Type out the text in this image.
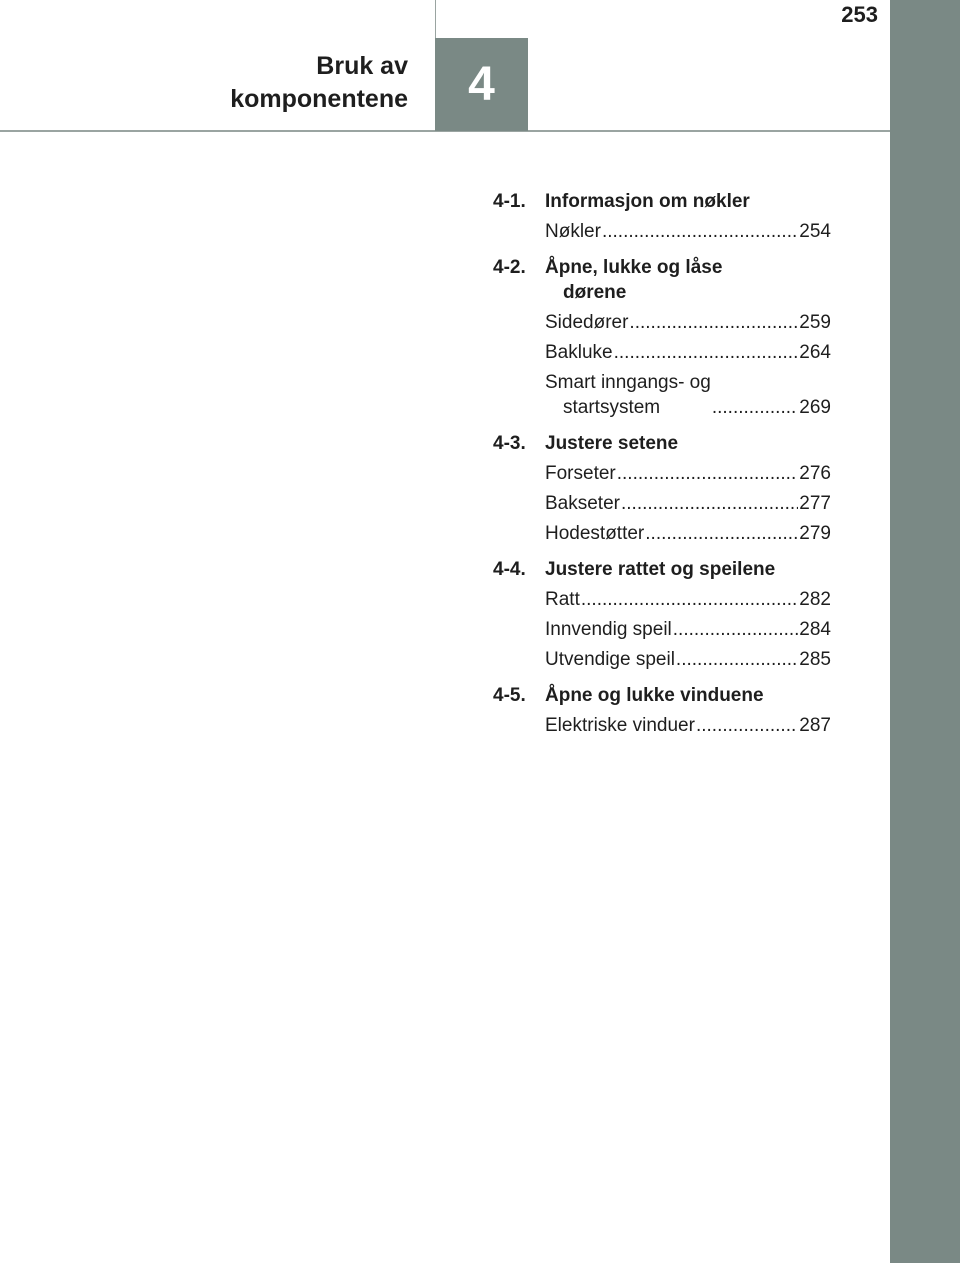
253
Bruk av
komponentene	4
4-1.	Informasjon om nøkler
Nøkler .....	254
4-2.	Åpne, lukke og låse
dørene
Sidedører .....	259
Bakluke .....	264
Smart inngangs- og
startsystem .....	269
4-3.	Justere setene
Forseter .....	276
Bakseter .....	277
Hodestøtter .....	279
4-4.	Justere rattet og speilene
Ratt .....	282
Innvendig speil .....	284
Utvendige speil .....	285
4-5.	Åpne og lukke vinduene
Elektriske vinduer .....	287
